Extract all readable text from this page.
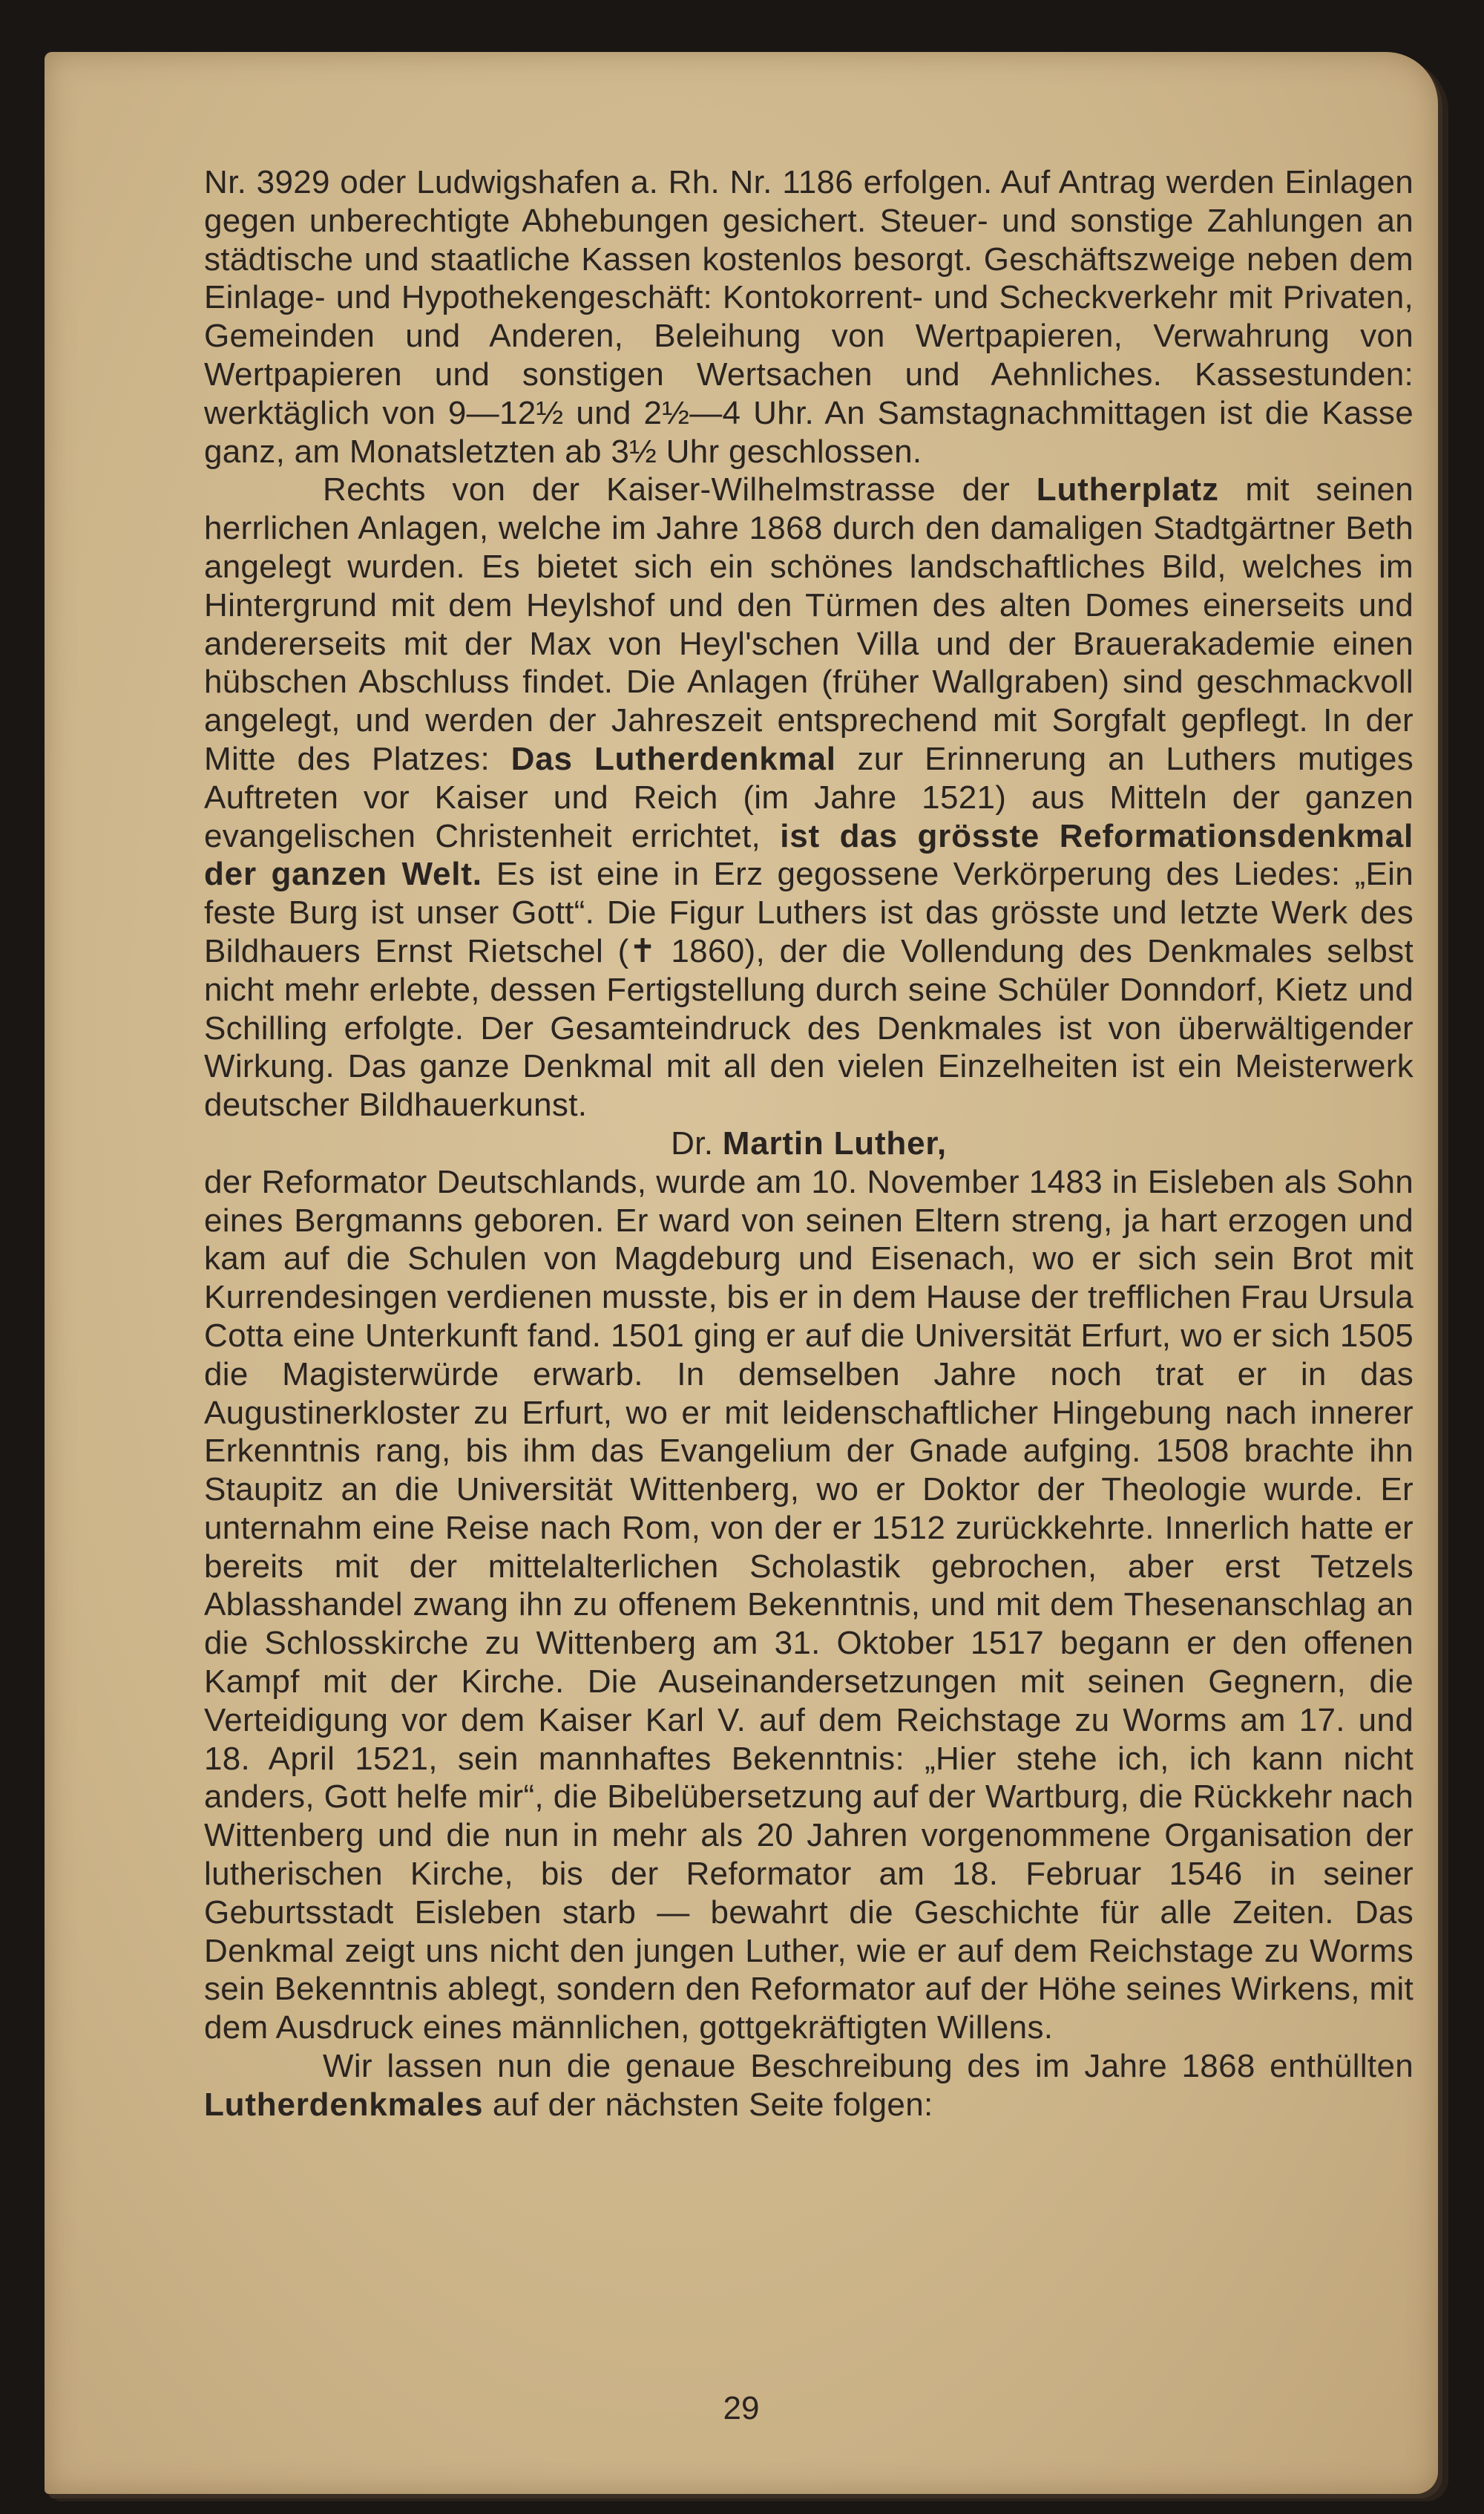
Nr. 3929 oder Ludwigshafen a. Rh. Nr. 1186 erfolgen. Auf Antrag werden Einlagen gegen unberechtigte Abhebungen gesichert. Steuer- und sonstige Zahlungen an städtische und staatliche Kassen kostenlos besorgt. Geschäftszweige neben dem Einlage- und Hypothekengeschäft: Kontokorrent- und Scheckverkehr mit Privaten, Gemeinden und Anderen, Beleihung von Wertpapieren, Verwahrung von Wertpapieren und sonstigen Wertsachen und Aehnliches. Kassestunden: werktäglich von 9—12½ und 2½—4 Uhr. An Samstagnachmittagen ist die Kasse ganz, am Monatsletzten ab 3½ Uhr geschlossen.

Rechts von der Kaiser-Wilhelmstrasse der Lutherplatz mit seinen herrlichen Anlagen, welche im Jahre 1868 durch den damaligen Stadtgärtner Beth angelegt wurden. Es bietet sich ein schönes landschaftliches Bild, welches im Hintergrund mit dem Heylshof und den Türmen des alten Domes einerseits und andererseits mit der Max von Heyl'schen Villa und der Brauerakademie einen hübschen Abschluss findet. Die Anlagen (früher Wallgraben) sind geschmackvoll angelegt, und werden der Jahreszeit entsprechend mit Sorgfalt gepflegt. In der Mitte des Platzes: Das Lutherdenkmal zur Erinnerung an Luthers mutiges Auftreten vor Kaiser und Reich (im Jahre 1521) aus Mitteln der ganzen evangelischen Christenheit errichtet, ist das grösste Reformationsdenkmal der ganzen Welt. Es ist eine in Erz gegossene Verkörperung des Liedes: „Ein feste Burg ist unser Gott“. Die Figur Luthers ist das grösste und letzte Werk des Bildhauers Ernst Rietschel (✝ 1860), der die Vollendung des Denkmales selbst nicht mehr erlebte, dessen Fertigstellung durch seine Schüler Donndorf, Kietz und Schilling erfolgte. Der Gesamteindruck des Denkmales ist von überwältigender Wirkung. Das ganze Denkmal mit all den vielen Einzelheiten ist ein Meisterwerk deutscher Bildhauerkunst.

Dr. Martin Luther,

der Reformator Deutschlands, wurde am 10. November 1483 in Eisleben als Sohn eines Bergmanns geboren. Er ward von seinen Eltern streng, ja hart erzogen und kam auf die Schulen von Magdeburg und Eisenach, wo er sich sein Brot mit Kurrendesingen verdienen musste, bis er in dem Hause der trefflichen Frau Ursula Cotta eine Unterkunft fand. 1501 ging er auf die Universität Erfurt, wo er sich 1505 die Magisterwürde erwarb. In demselben Jahre noch trat er in das Augustinerkloster zu Erfurt, wo er mit leidenschaftlicher Hingebung nach innerer Erkenntnis rang, bis ihm das Evangelium der Gnade aufging. 1508 brachte ihn Staupitz an die Universität Wittenberg, wo er Doktor der Theologie wurde. Er unternahm eine Reise nach Rom, von der er 1512 zurückkehrte. Innerlich hatte er bereits mit der mittelalterlichen Scholastik gebrochen, aber erst Tetzels Ablasshandel zwang ihn zu offenem Bekenntnis, und mit dem Thesenanschlag an die Schlosskirche zu Wittenberg am 31. Oktober 1517 begann er den offenen Kampf mit der Kirche. Die Auseinandersetzungen mit seinen Gegnern, die Verteidigung vor dem Kaiser Karl V. auf dem Reichstage zu Worms am 17. und 18. April 1521, sein mannhaftes Bekenntnis: „Hier stehe ich, ich kann nicht anders, Gott helfe mir“, die Bibelübersetzung auf der Wartburg, die Rückkehr nach Wittenberg und die nun in mehr als 20 Jahren vorgenommene Organisation der lutherischen Kirche, bis der Reformator am 18. Februar 1546 in seiner Geburtsstadt Eisleben starb — bewahrt die Geschichte für alle Zeiten. Das Denkmal zeigt uns nicht den jungen Luther, wie er auf dem Reichstage zu Worms sein Bekenntnis ablegt, sondern den Reformator auf der Höhe seines Wirkens, mit dem Ausdruck eines männlichen, gottgekräftigten Willens.

Wir lassen nun die genaue Beschreibung des im Jahre 1868 enthüllten Lutherdenkmales auf der nächsten Seite folgen:

29
